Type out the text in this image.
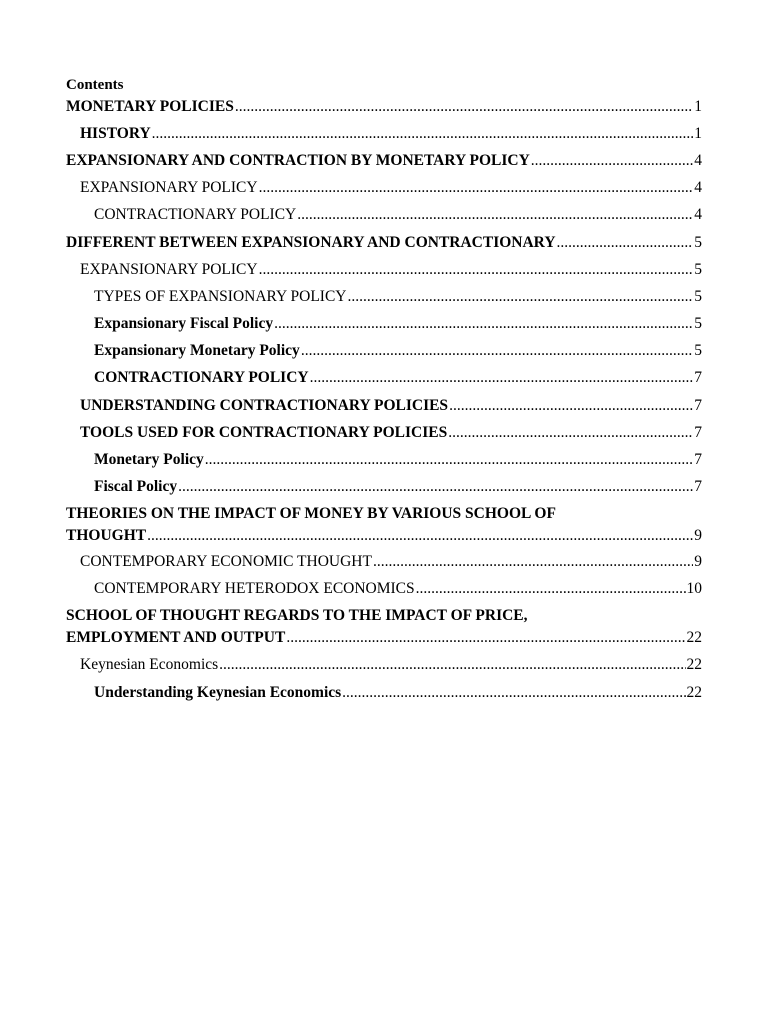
Contents
MONETARY POLICIES .....	1
HISTORY .....	1
EXPANSIONARY AND CONTRACTION BY MONETARY POLICY .....	4
EXPANSIONARY POLICY .....	4
CONTRACTIONARY POLICY .....	4
DIFFERENT BETWEEN EXPANSIONARY AND CONTRACTIONARY .....	5
EXPANSIONARY POLICY .....	5
TYPES OF EXPANSIONARY POLICY .....	5
Expansionary Fiscal Policy .....	5
Expansionary Monetary Policy .....	5
CONTRACTIONARY POLICY .....	7
UNDERSTANDING CONTRACTIONARY POLICIES .....	7
TOOLS USED FOR CONTRACTIONARY POLICIES .....	7
Monetary Policy .....	7
Fiscal Policy .....	7
THEORIES ON THE IMPACT OF MONEY BY VARIOUS SCHOOL OF
THOUGHT .....	9
CONTEMPORARY ECONOMIC THOUGHT .....	9
CONTEMPORARY HETERODOX ECONOMICS .....	10
SCHOOL OF THOUGHT REGARDS TO THE IMPACT OF PRICE,
EMPLOYMENT AND OUTPUT .....	22
Keynesian Economics .....	22
Understanding Keynesian Economics .....	22
